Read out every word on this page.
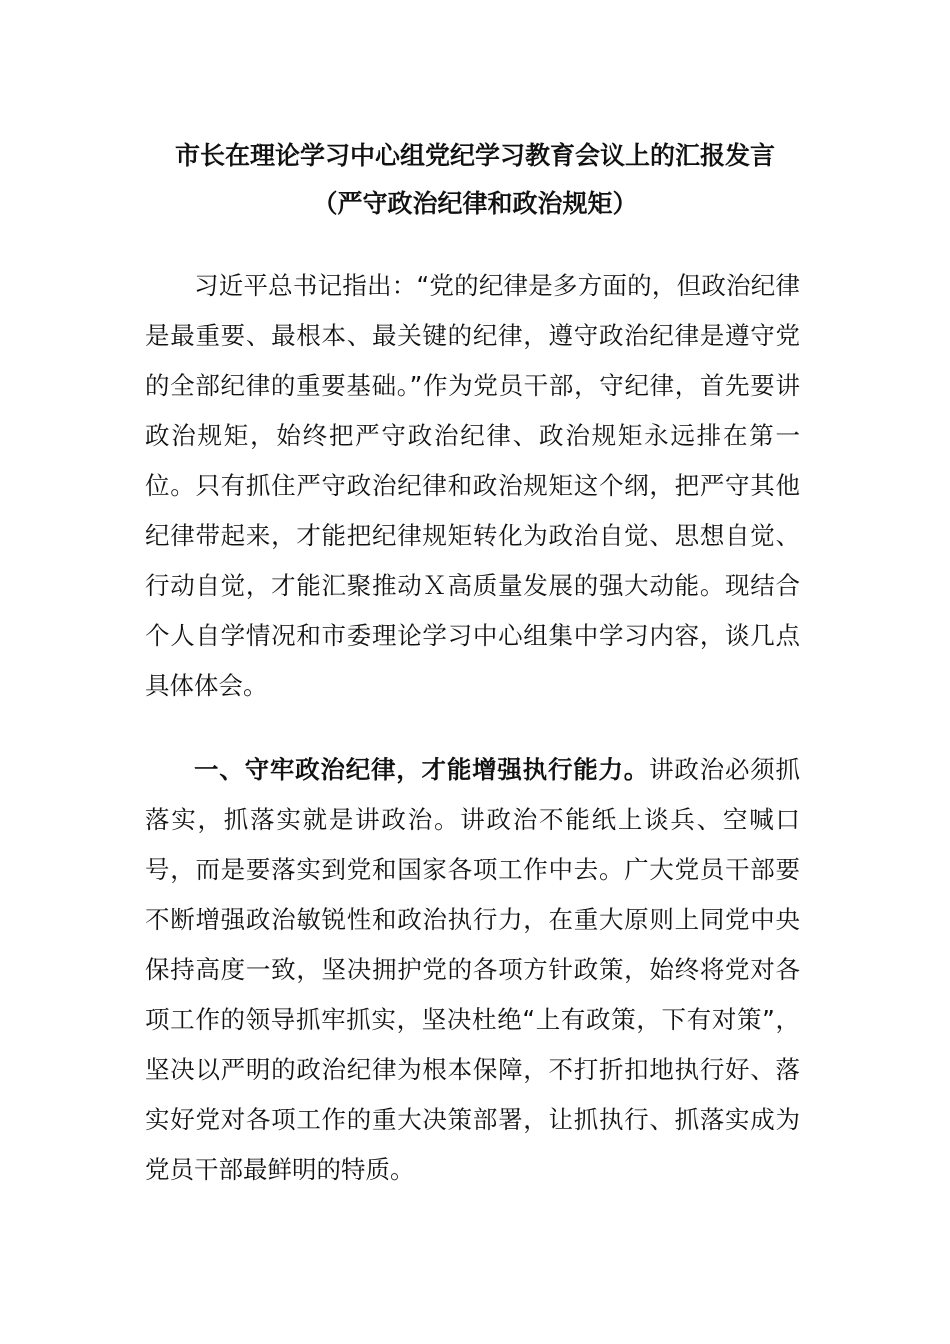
市长在理论学习中心组党纪学习教育会议上的汇报发言
（严守政治纪律和政治规矩）

习近平总书记指出：“党的纪律是多方面的，但政治纪律是最重要、最根本、最关键的纪律，遵守政治纪律是遵守党的全部纪律的重要基础。”作为党员干部，守纪律，首先要讲政治规矩，始终把严守政治纪律、政治规矩永远排在第一位。只有抓住严守政治纪律和政治规矩这个纲，把严守其他纪律带起来，才能把纪律规矩转化为政治自觉、思想自觉、行动自觉，才能汇聚推动Ｘ高质量发展的强大动能。现结合个人自学情况和市委理论学习中心组集中学习内容，谈几点具体体会。

一、守牢政治纪律，才能增强执行能力。讲政治必须抓落实，抓落实就是讲政治。讲政治不能纸上谈兵、空喊口号，而是要落实到党和国家各项工作中去。广大党员干部要不断增强政治敏锐性和政治执行力，在重大原则上同党中央保持高度一致，坚决拥护党的各项方针政策，始终将党对各项工作的领导抓牢抓实，坚决杜绝“上有政策，下有对策”，坚决以严明的政治纪律为根本保障，不打折扣地执行好、落实好党对各项工作的重大决策部署，让抓执行、抓落实成为党员干部最鲜明的特质。
